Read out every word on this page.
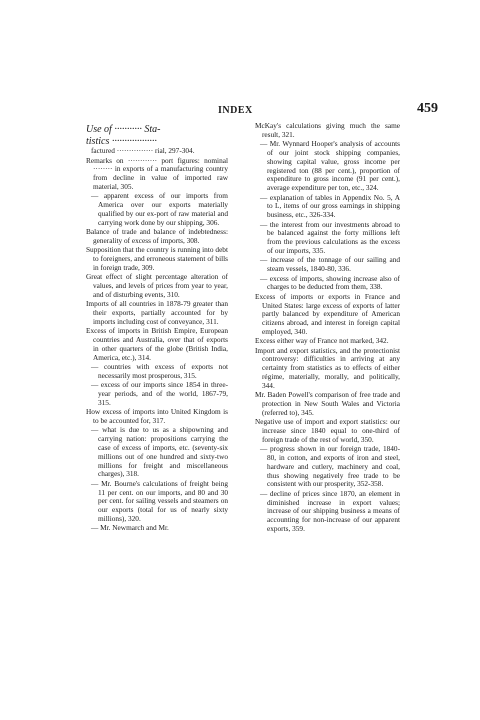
INDEX	459

Use of ··········· Sta-

tistics ··················

factured ··············· rial, 297-304.

Remarks on ············ port figures: nominal ········ in exports of a manufacturing country from decline in value of imported raw material, 305.

— apparent excess of our imports from America over our exports materially qualified by our ex-port of raw material and carrying work done by our shipping, 306.

Balance of trade and balance of indebtedness: generality of excess of imports, 308.

Supposition that the country is running into debt to foreigners, and erroneous statement of bills in foreign trade, 309.

Great effect of slight percentage alteration of values, and levels of prices from year to year, and of disturbing events, 310.

Imports of all countries in 1878-79 greater than their exports, partially accounted for by imports including cost of conveyance, 311.

Excess of imports in British Empire, European countries and Australia, over that of exports in other quarters of the globe (British India, America, etc.), 314.

— countries with excess of exports not necessarily most prosperous, 315.

— excess of our imports since 1854 in three-year periods, and of the world, 1867-79, 315.

How excess of imports into United Kingdom is to be accounted for, 317.

— what is due to us as a shipowning and carrying nation: propositions carrying the case of excess of imports, etc. (seventy-six millions out of one hundred and sixty-two millions for freight and miscellaneous charges), 318.

— Mr. Bourne's calculations of freight being 11 per cent. on our imports, and 80 and 30 per cent. for sailing vessels and steamers on our exports (total for us of nearly sixty millions), 320.

— Mr. Newmarch and Mr.

McKay's calculations giving much the same result, 321.

— Mr. Wynnard Hooper's analysis of accounts of our joint stock shipping companies, showing capital value, gross income per registered ton (88 per cent.), proportion of expenditure to gross income (91 per cent.), average expenditure per ton, etc., 324.

— explanation of tables in Appendix No. 5, A to L, items of our gross earnings in shipping business, etc., 326-334.

— the interest from our investments abroad to be balanced against the forty millions left from the previous calculations as the excess of our imports, 335.

— increase of the tonnage of our sailing and steam vessels, 1840-80, 336.

— excess of imports, showing increase also of charges to be deducted from them, 338.

Excess of imports or exports in France and United States: large excess of exports of latter partly balanced by expenditure of American citizens abroad, and interest in foreign capital employed, 340.

Excess either way of France not marked, 342.

Import and export statistics, and the protectionist controversy: difficulties in arriving at any certainty from statistics as to effects of either régime, materially, morally, and politically, 344.

Mr. Baden Powell's comparison of free trade and protection in New South Wales and Victoria (referred to), 345.

Negative use of import and export statistics: our increase since 1840 equal to one-third of foreign trade of the rest of world, 350.

— progress shown in our foreign trade, 1840-80, in cotton, and exports of iron and steel, hardware and cutlery, machinery and coal, thus showing negatively free trade to be consistent with our prosperity, 352-358.

— decline of prices since 1870, an element in diminished increase in export values; increase of our shipping business a means of accounting for non-increase of our apparent exports, 359.
